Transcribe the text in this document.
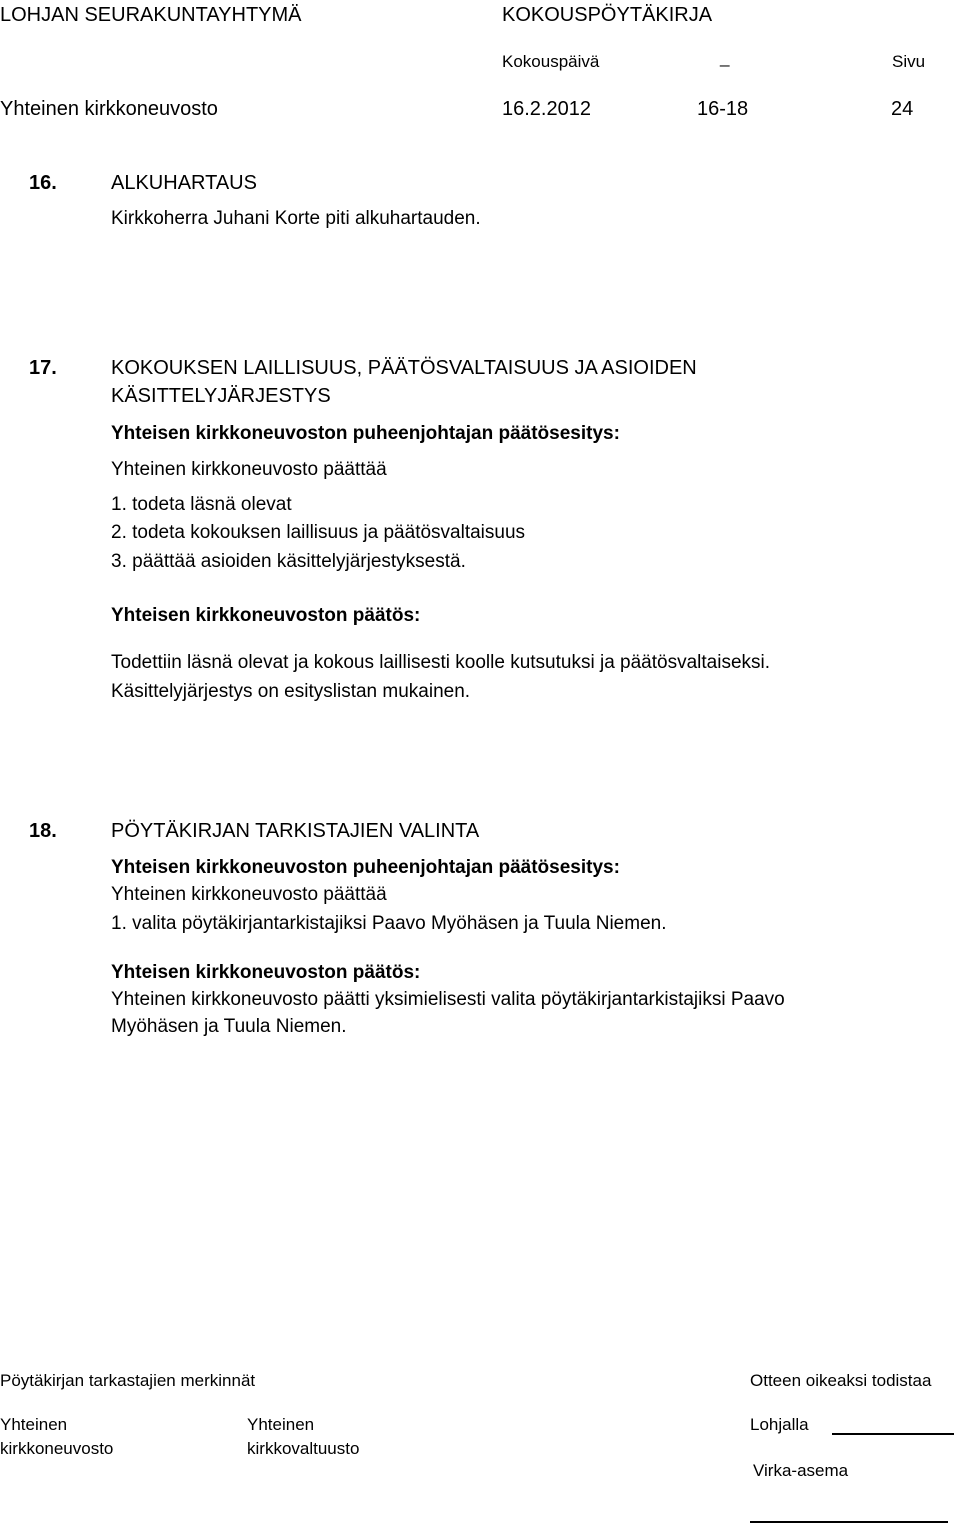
LOHJAN SEURAKUNTAYHTYMÄ	KOKOUSPÖYTÄKIRJA
Kokouspäivä	_	Sivu
Yhteinen kirkkoneuvosto	16.2.2012	16-18	24
16.	ALKUHARTAUS
Kirkkoherra Juhani Korte piti alkuhartauden.
17.	KOKOUKSEN LAILLISUUS, PÄÄTÖSVALTAISUUS JA ASIOIDEN
KÄSITTELYJÄRJESTYS
Yhteisen kirkkoneuvoston puheenjohtajan päätösesitys:
Yhteinen kirkkoneuvosto päättää
1. todeta läsnä olevat
2. todeta kokouksen laillisuus ja päätösvaltaisuus
3. päättää asioiden käsittelyjärjestyksestä.
Yhteisen kirkkoneuvoston päätös:
Todettiin läsnä olevat ja kokous laillisesti koolle kutsutuksi ja päätösvaltaiseksi.
Käsittelyjärjestys on esityslistan mukainen.
18.	PÖYTÄKIRJAN TARKISTAJIEN VALINTA
Yhteisen kirkkoneuvoston puheenjohtajan päätösesitys:
Yhteinen kirkkoneuvosto päättää
1. valita pöytäkirjantarkistajiksi Paavo Myöhäsen ja Tuula Niemen.
Yhteisen kirkkoneuvoston päätös:
Yhteinen kirkkoneuvosto päätti yksimielisesti valita pöytäkirjantarkistajiksi Paavo
Myöhäsen ja Tuula Niemen.
Pöytäkirjan tarkastajien merkinnät	Otteen oikeaksi todistaa
Yhteinen
kirkkoneuvosto
Yhteinen
kirkkovaltuusto
Lohjalla
Virka-asema
